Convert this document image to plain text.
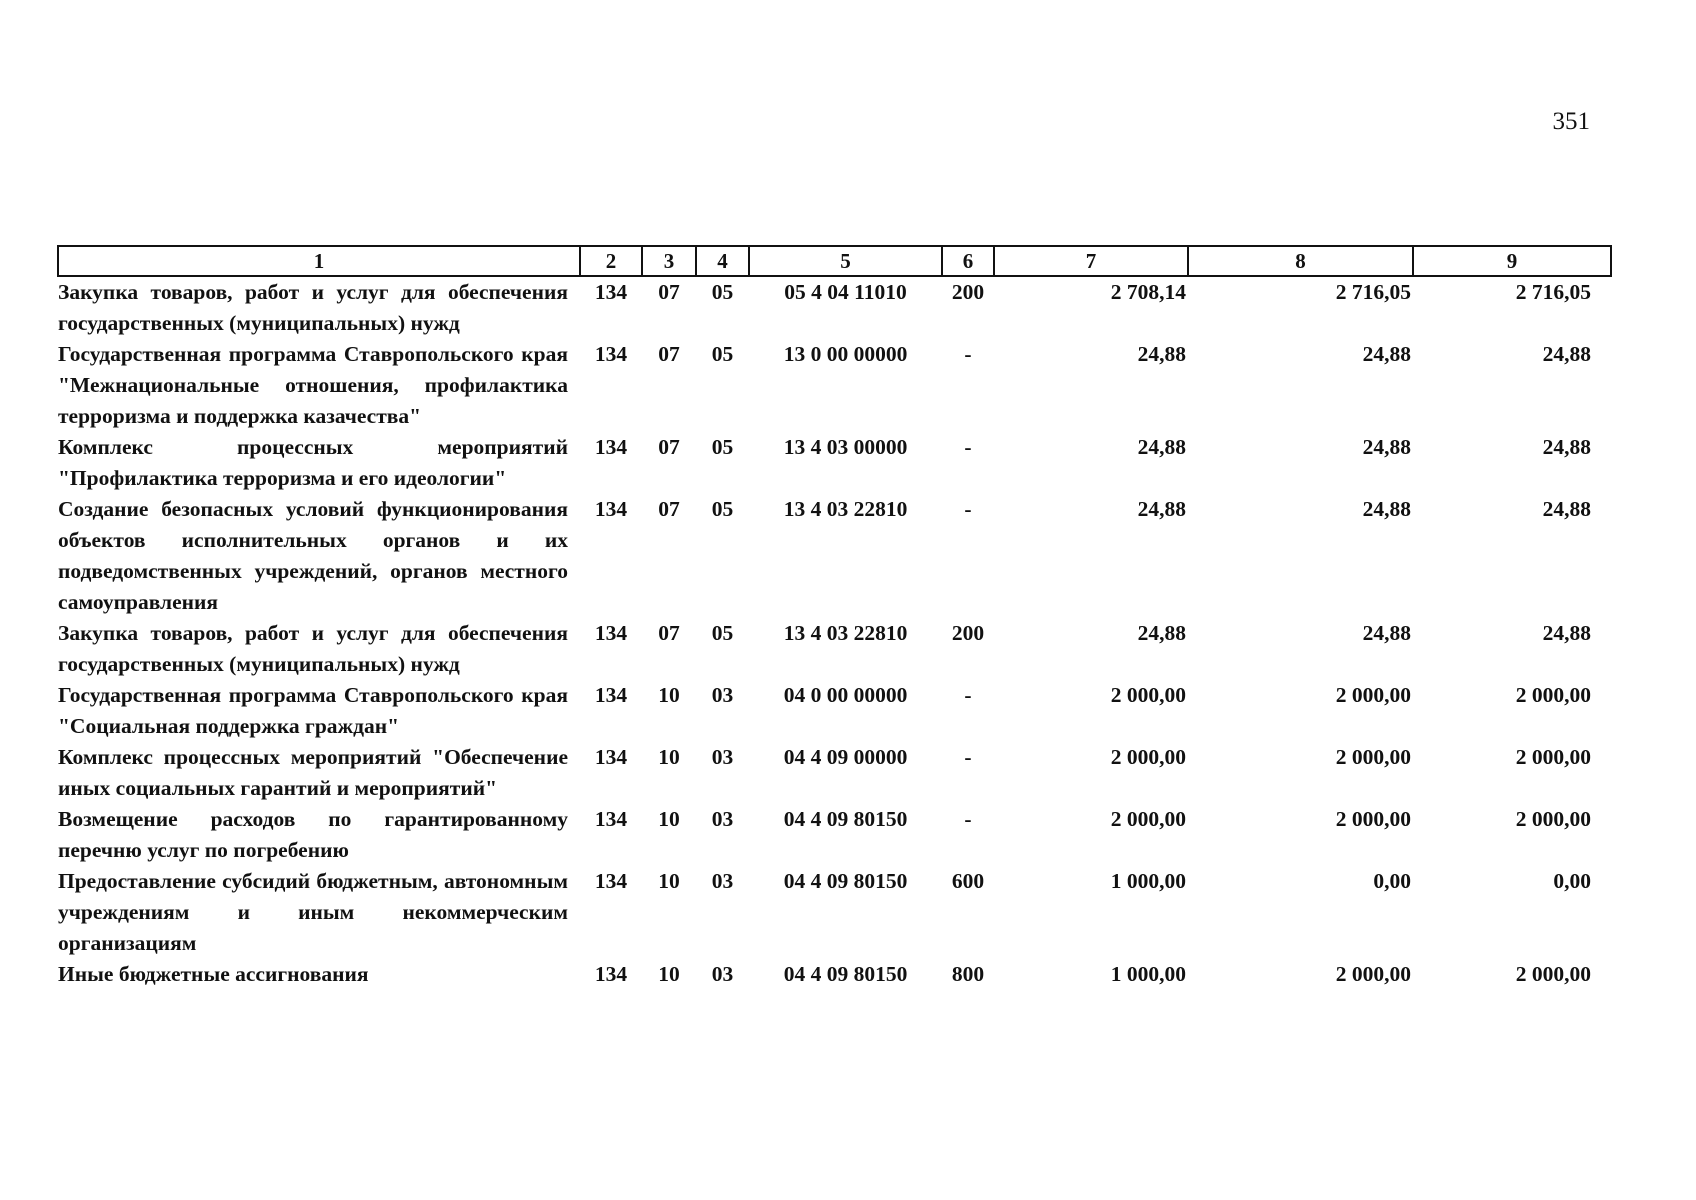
351
1	2	3	4	5	6	7	8	9
Закупка товаров, работ и услуг для обеспечения государственных (муниципальных) нужд	134	07	05	05 4 04 11010	200	2 708,14	2 716,05	2 716,05
Государственная программа Ставропольского края "Межнациональные отношения, профилактика терроризма и поддержка казачества"	134	07	05	13 0 00 00000	-	24,88	24,88	24,88
Комплекс процессных мероприятий "Профилактика терроризма и его идеологии"	134	07	05	13 4 03 00000	-	24,88	24,88	24,88
Создание безопасных условий функционирования объектов исполнительных органов и их подведомственных учреждений, органов местного самоуправления	134	07	05	13 4 03 22810	-	24,88	24,88	24,88
Закупка товаров, работ и услуг для обеспечения государственных (муниципальных) нужд	134	07	05	13 4 03 22810	200	24,88	24,88	24,88
Государственная программа Ставропольского края "Социальная поддержка граждан"	134	10	03	04 0 00 00000	-	2 000,00	2 000,00	2 000,00
Комплекс процессных мероприятий "Обеспечение иных социальных гарантий и мероприятий"	134	10	03	04 4 09 00000	-	2 000,00	2 000,00	2 000,00
Возмещение расходов по гарантированному перечню услуг по погребению	134	10	03	04 4 09 80150	-	2 000,00	2 000,00	2 000,00
Предоставление субсидий бюджетным, автономным учреждениям и иным некоммерческим организациям	134	10	03	04 4 09 80150	600	1 000,00	0,00	0,00
Иные бюджетные ассигнования	134	10	03	04 4 09 80150	800	1 000,00	2 000,00	2 000,00
